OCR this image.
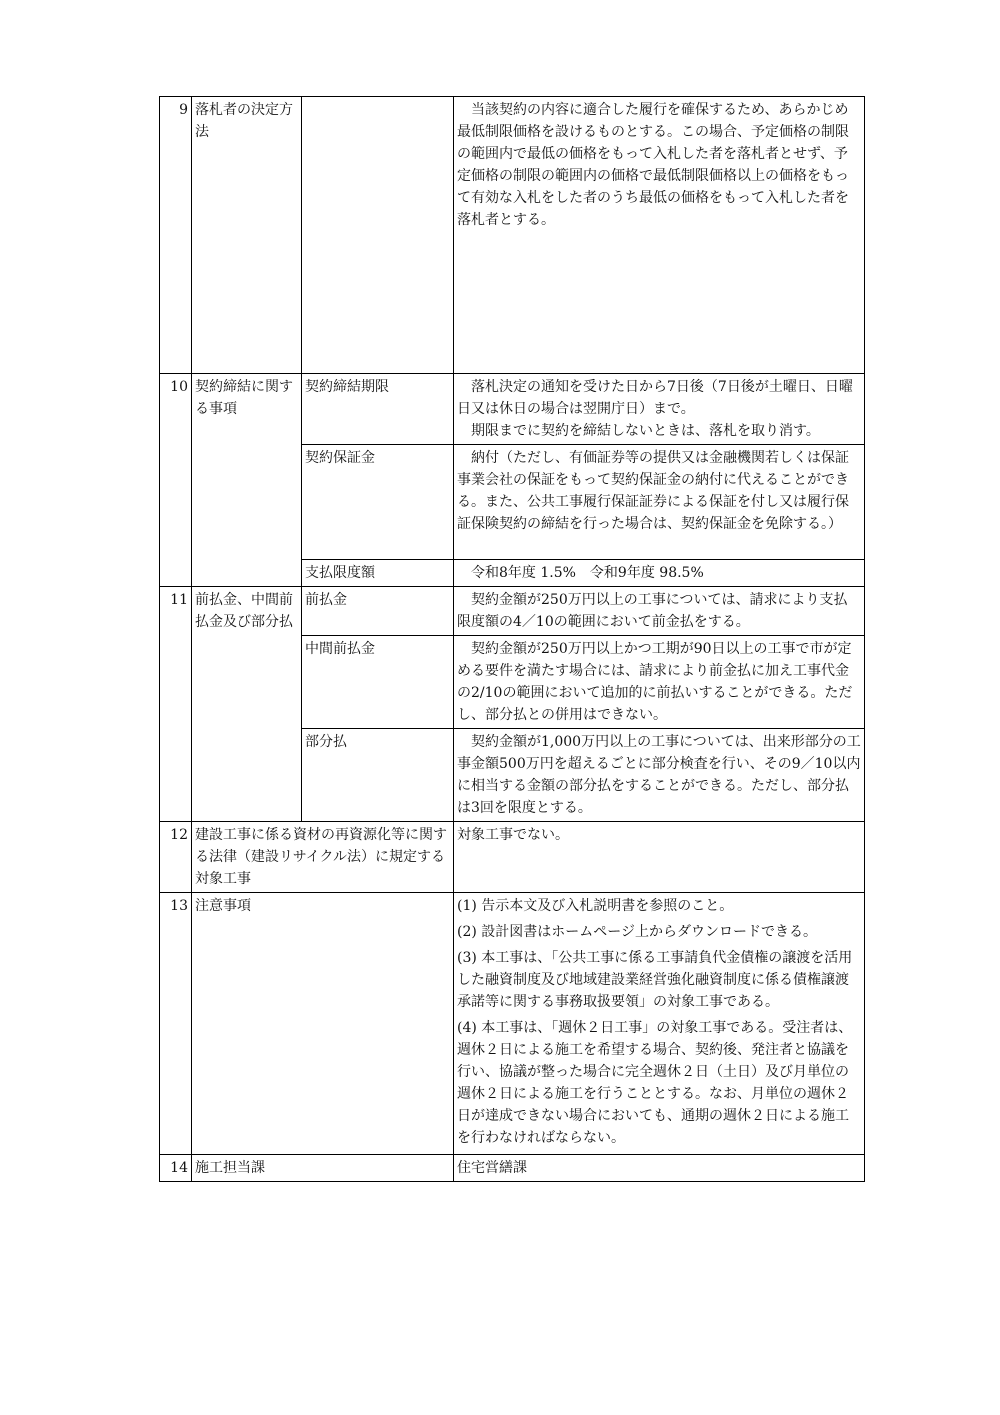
9	落札者の決定方法		当該契約の内容に適合した履行を確保するため、あらかじめ最低制限価格を設けるものとする。この場合、予定価格の制限の範囲内で最低の価格をもって入札した者を落札者とせず、予定価格の制限の範囲内の価格で最低制限価格以上の価格をもって有効な入札をした者のうち最低の価格をもって入札した者を落札者とする。
10	契約締結に関する事項	契約締結期限	落札決定の通知を受けた日から7日後（7日後が土曜日、日曜日又は休日の場合は翌開庁日）まで。
期限までに契約を締結しないときは、落札を取り消す。

		契約保証金	納付（ただし、有価証券等の提供又は金融機関若しくは保証事業会社の保証をもって契約保証金の納付に代えることができる。また、公共工事履行保証証券による保証を付し又は履行保証保険契約の締結を行った場合は、契約保証金を免除する。）
		支払限度額	令和8年度 1.5%　令和9年度 98.5%
11	前払金、中間前払金及び部分払	前払金	契約金額が250万円以上の工事については、請求により支払限度額の4／10の範囲において前金払をする。
		中間前払金	契約金額が250万円以上かつ工期が90日以上の工事で市が定める要件を満たす場合には、請求により前金払に加え工事代金の2/10の範囲において追加的に前払いすることができる。ただし、部分払との併用はできない。
		部分払	契約金額が1,000万円以上の工事については、出来形部分の工事金額500万円を超えるごとに部分検査を行い、その9／10以内に相当する金額の部分払をすることができる。ただし、部分払は3回を限度とする。
12	建設工事に係る資材の再資源化等に関する法律（建設リサイクル法）に規定する対象工事		対象工事でない。
13	注意事項		(1) 告示本文及び入札説明書を参照のこと。
(2) 設計図書はホームページ上からダウンロードできる。
(3) 本工事は、「公共工事に係る工事請負代金債権の譲渡を活用した融資制度及び地域建設業経営強化融資制度に係る債権譲渡承諾等に関する事務取扱要領」の対象工事である。
(4) 本工事は、「週休２日工事」の対象工事である。受注者は、週休２日による施工を希望する場合、契約後、発注者と協議を行い、協議が整った場合に完全週休２日（土日）及び月単位の週休２日による施工を行うこととする。なお、月単位の週休２日が達成できない場合においても、通期の週休２日による施工を行わなければならない。

14	施工担当課		住宅営繕課
